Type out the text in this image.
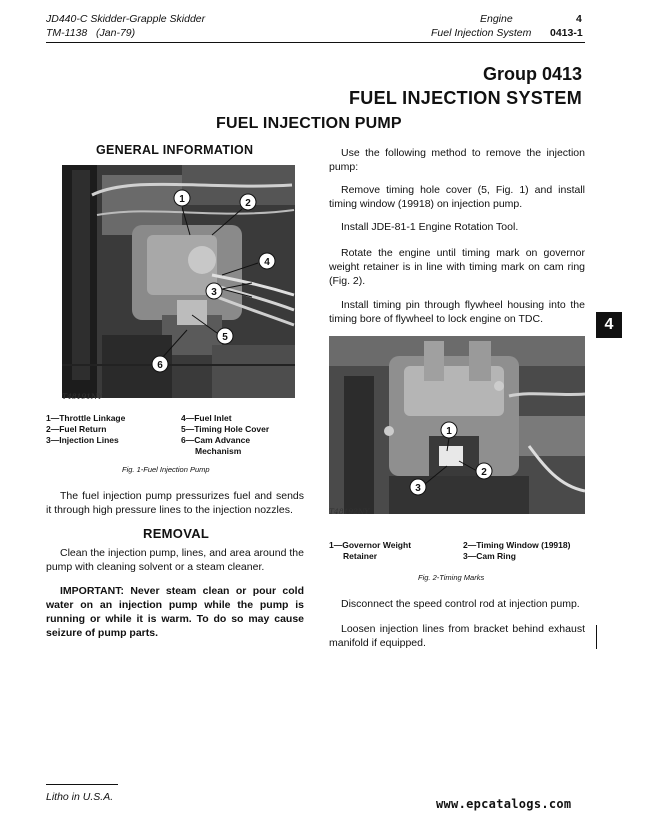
JD440-C Skidder-Grapple Skidder
TM-1138 (Jan-79)
Engine
Fuel Injection System
4
0413-1
Group 0413
FUEL INJECTION SYSTEM
FUEL INJECTION PUMP
GENERAL INFORMATION
1	2
4
3
5
6
T48191NY
1—Throttle Linkage
2—Fuel Return
3—Injection Lines
4—Fuel Inlet
5—Timing Hole Cover
6—Cam Advance
Mechanism
Fig. 1-Fuel Injection Pump
The fuel injection pump pressurizes fuel and sends it through high pressure lines to the injection nozzles.
REMOVAL
Clean the injection pump, lines, and area around the pump with cleaning solvent or a steam cleaner.
IMPORTANT: Never steam clean or pour cold water on an injection pump while the pump is running or while it is warm. To do so may cause seizure of pump parts.
Use the following method to remove the injection pump:
Remove timing hole cover (5, Fig. 1) and install timing window (19918) on injection pump.
Install JDE-81-1 Engine Rotation Tool.
Rotate the engine until timing mark on governor weight retainer is in line with timing mark on cam ring (Fig. 2).
Install timing pin through flywheel housing into the timing bore of flywheel to lock engine on TDC.	4
1
2
3
T48192NY
1—Governor Weight
Retainer
2—Timing Window (19918)
3—Cam Ring
Fig. 2-Timing Marks
Disconnect the speed control rod at injection pump.
Loosen injection lines from bracket behind exhaust manifold if equipped.
Litho in U.S.A.	www.epcatalogs.com
